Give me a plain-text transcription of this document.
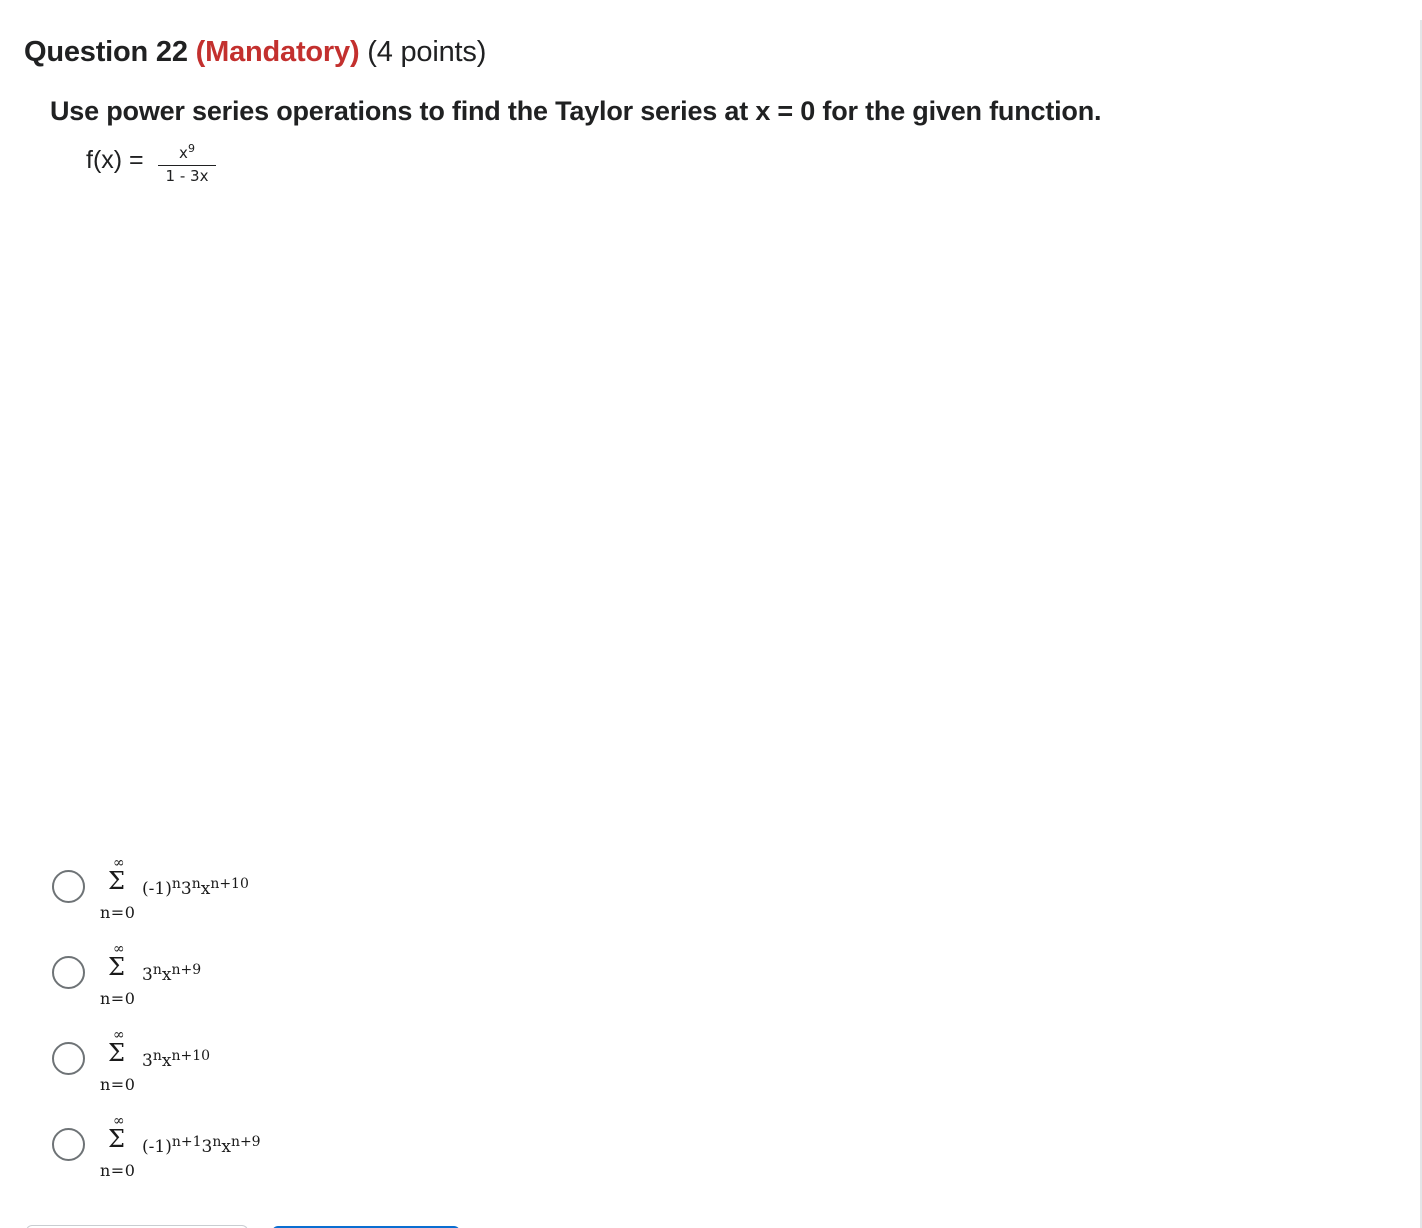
Question 22 (Mandatory) (4 points)
Use power series operations to find the Taylor series at x = 0 for the given function.
f(x) =	$x^9$
1 - 3x
∞
Σ
n=0
$(-1)^n3^nx^{n+10}$
∞
Σ
n=0
$3^nx^{n+9}$
∞
Σ
n=0
$3^nx^{n+10}$
∞
Σ
n=0
$(-1)^{n+1}3^nx^{n+9}$
